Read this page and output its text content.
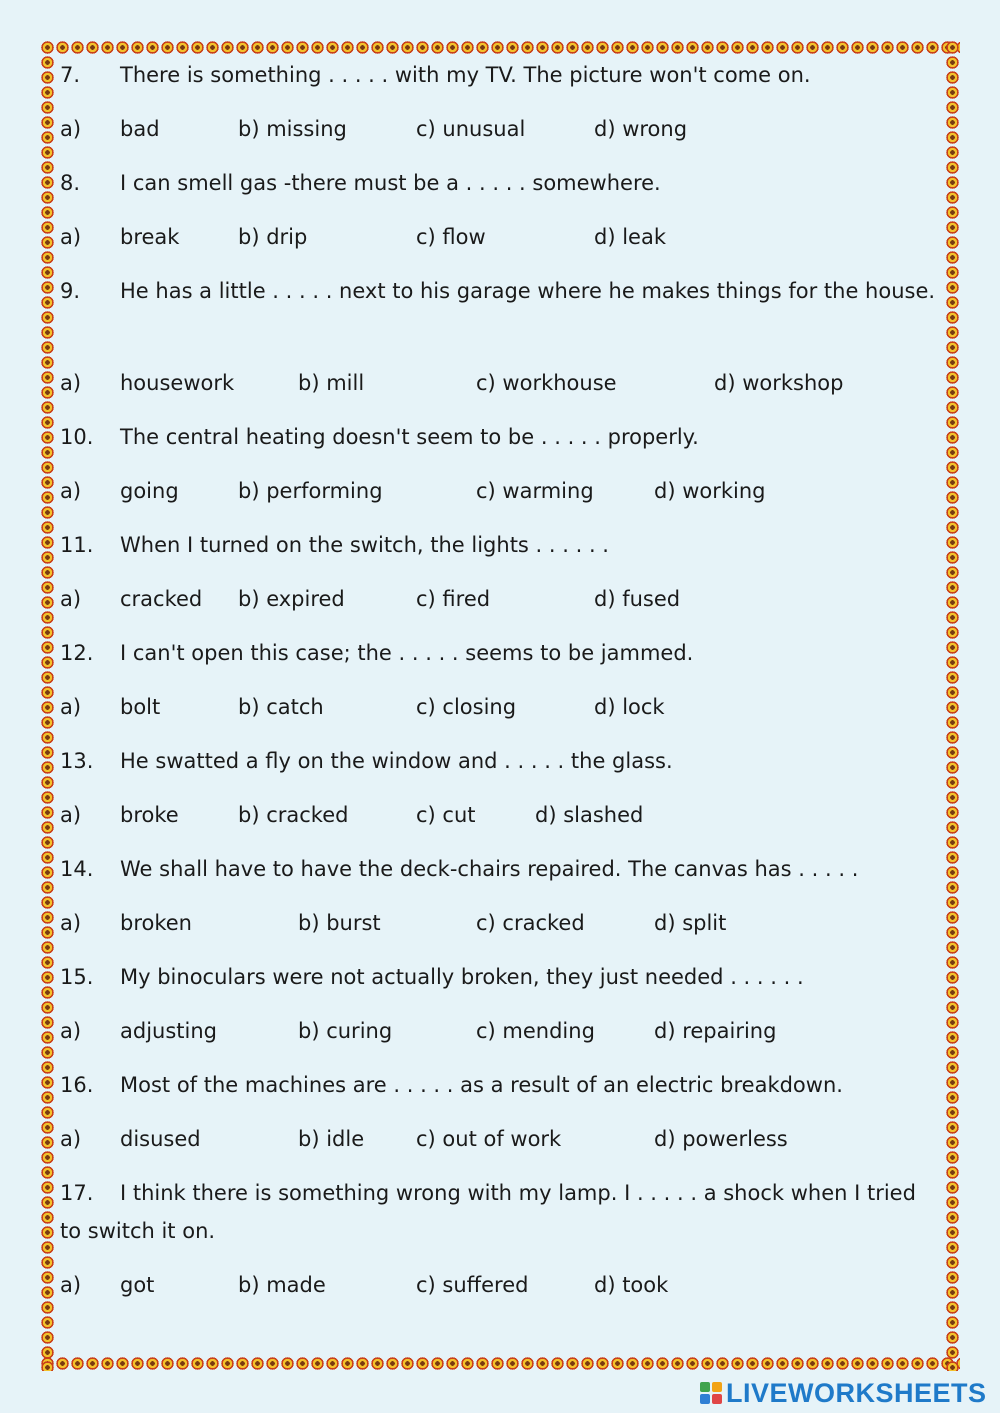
7.	There is something . . . . . with my TV. The picture won't come on.
a) bad	b) missing	c) unusual	d) wrong
8.	I can smell gas -there must be a . . . . . somewhere.
a) break	b) drip	c) flow	d) leak
9.	He has a little . . . . . next to his garage where he makes things for the house.
a) housework	b) mill	c) workhouse	d) workshop
10.	The central heating doesn't seem to be . . . . . properly.
a) going	b) performing	c) warming	d) working
11.	When I turned on the switch, the lights . . . . . .
a) cracked b) expired	c) fired	d) fused
12.	I can't open this case; the . . . . . seems to be jammed.
a) bolt	b) catch	c) closing	d) lock
13.	He swatted a fly on the window and . . . . . the glass.
a) broke	b) cracked	c) cut	d) slashed
14.	We shall have to have the deck-chairs repaired. The canvas has . . . . .
a) broken	b) burst	c) cracked	d) split
15.	My binoculars were not actually broken, they just needed . . . . . .
a) adjusting	b) curing	c) mending	d) repairing
16.	Most of the machines are . . . . . as a result of an electric breakdown.
a) disused	b) idle c) out of work	d) powerless
17.	I think there is something wrong with my lamp. I . . . . . a shock when I tried to switch it on.
a) got	b) made	c) suffered	d) took
LIVEWORKSHEETS
